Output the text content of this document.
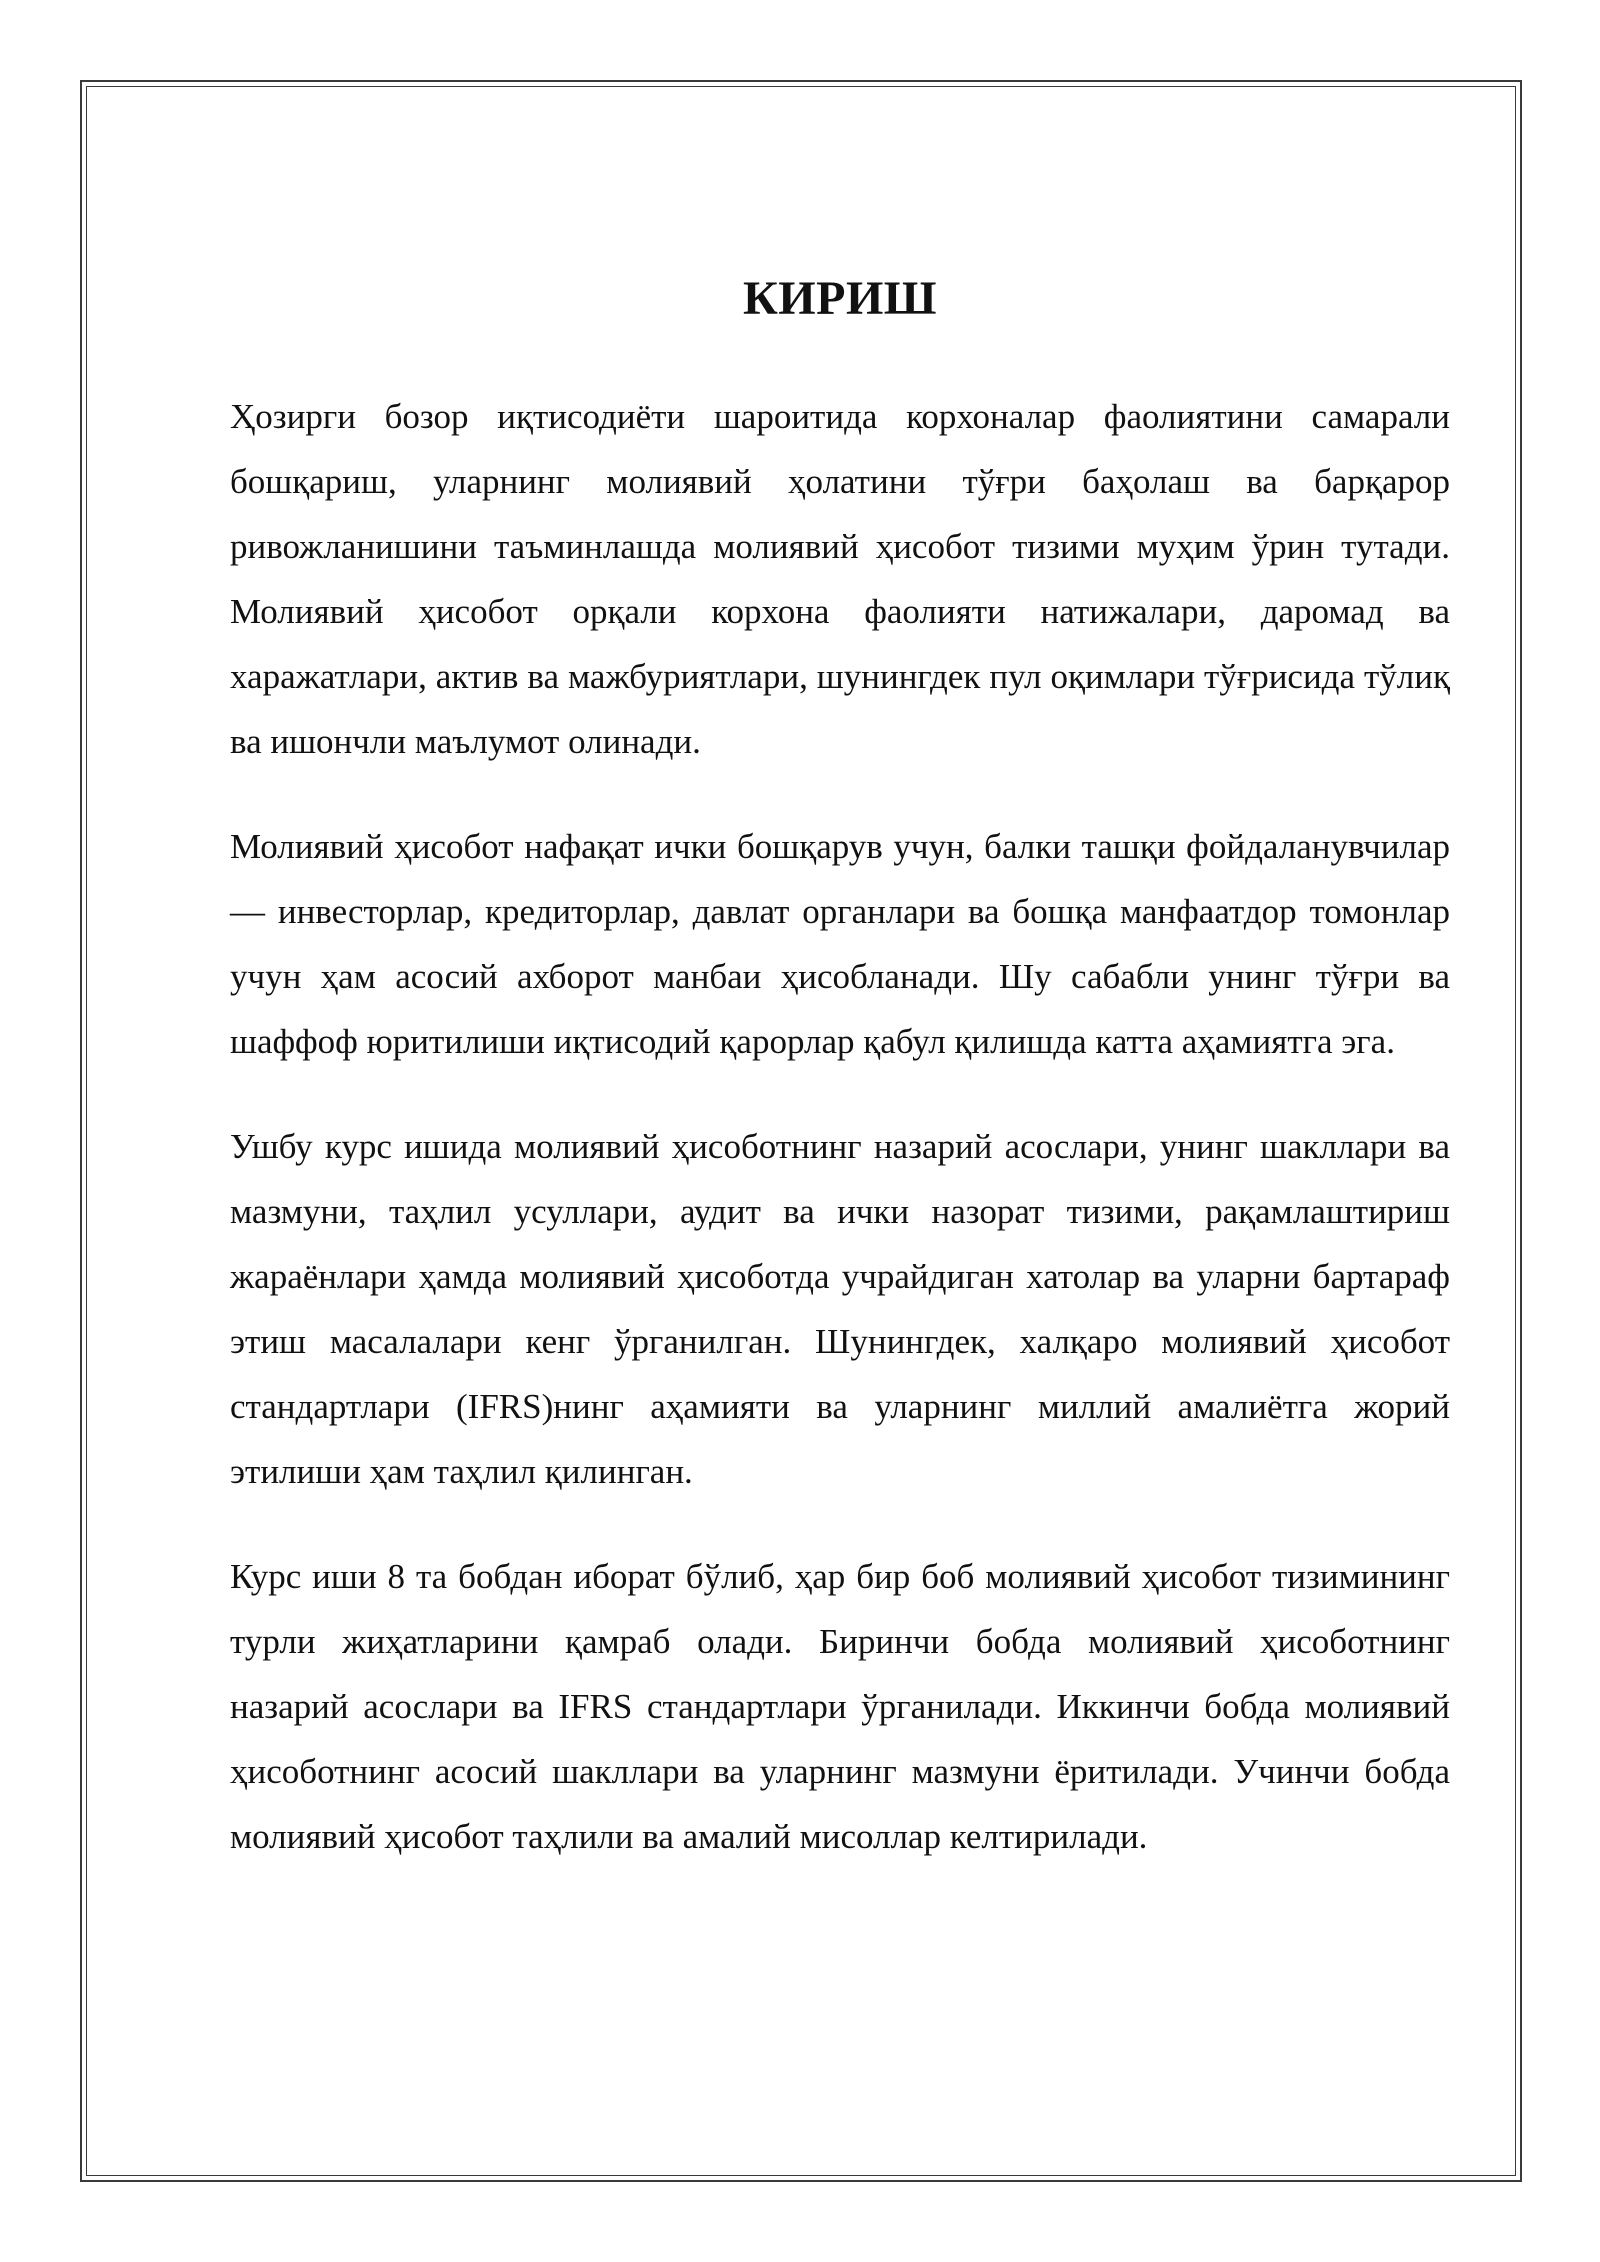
КИРИШ

Ҳозирги бозор иқтисодиёти шароитида корхоналар фаолиятини самарали бошқариш, уларнинг молиявий ҳолатини тўғри баҳолаш ва барқарор ривожланишини таъминлашда молиявий ҳисобот тизими муҳим ўрин тутади. Молиявий ҳисобот орқали корхона фаолияти натижалари, даромад ва харажатлари, актив ва мажбуриятлари, шунингдек пул оқимлари тўғрисида тўлиқ ва ишончли маълумот олинади.

Молиявий ҳисобот нафақат ички бошқарув учун, балки ташқи фойдаланувчилар — инвесторлар, кредиторлар, давлат органлари ва бошқа манфаатдор томонлар учун ҳам асосий ахборот манбаи ҳисобланади. Шу сабабли унинг тўғри ва шаффоф юритилиши иқтисодий қарорлар қабул қилишда катта аҳамиятга эга.

Ушбу курс ишида молиявий ҳисоботнинг назарий асослари, унинг шакллари ва мазмуни, таҳлил усуллари, аудит ва ички назорат тизими, рақамлаштириш жараёнлари ҳамда молиявий ҳисоботда учрайдиган хатолар ва уларни бартараф этиш масалалари кенг ўрганилган. Шунингдек, халқаро молиявий ҳисобот стандартлари (IFRS)нинг аҳамияти ва уларнинг миллий амалиётга жорий этилиши ҳам таҳлил қилинган.

Курс иши 8 та бобдан иборат бўлиб, ҳар бир боб молиявий ҳисобот тизимининг турли жиҳатларини қамраб олади. Биринчи бобда молиявий ҳисоботнинг назарий асослари ва IFRS стандартлари ўрганилади. Иккинчи бобда молиявий ҳисоботнинг асосий шакллари ва уларнинг мазмуни ёритилади. Учинчи бобда молиявий ҳисобот таҳлили ва амалий мисоллар келтирилади.
